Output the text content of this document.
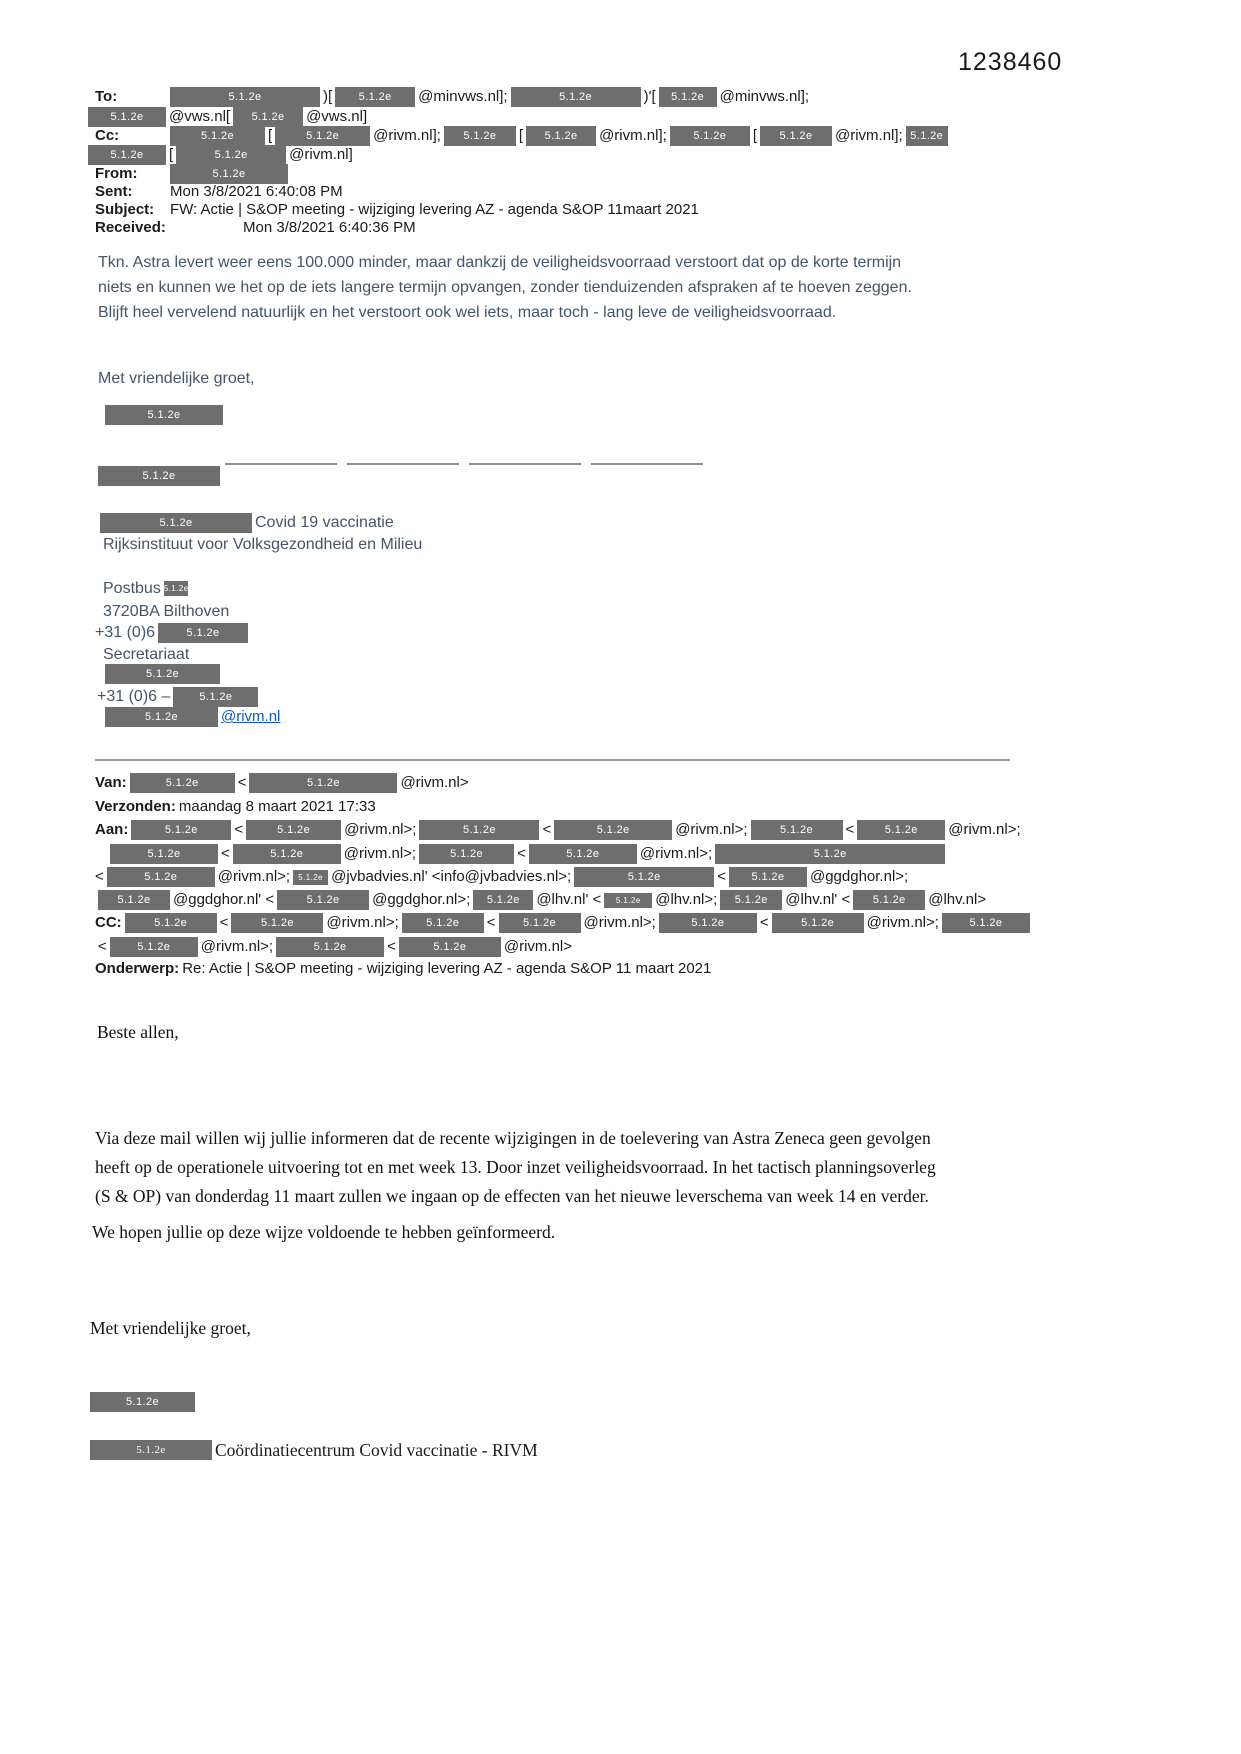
1238460
To:	5.1.2e	)[ 5.1.2e @minvws.nl];	5.1.2e	)'[ 5.1.2e @minvws.nl];
5.1.2e @vws.nl[ 5.1.2e @vws.nl]
Cc:	5.1.2e [	5.1.2e @rivm.nl]; 5.1.2e [ 5.1.2e @rivm.nl]; 5.1.2e [ 5.1.2e @rivm.nl]; 5.1.2e
5.1.2e [	5.1.2e	@rivm.nl]
From:	5.1.2e
Sent:	Mon 3/8/2021 6:40:08 PM
Subject: FW: Actie | S&OP meeting - wijziging levering AZ - agenda S&OP 11maart 2021
Received:	Mon 3/8/2021 6:40:36 PM
Tkn. Astra levert weer eens 100.000 minder, maar dankzij de veiligheidsvoorraad verstoort dat op de korte termijn
niets en kunnen we het op de iets langere termijn opvangen, zonder tienduizenden afspraken af te hoeven zeggen.
Blijft heel vervelend natuurlijk en het verstoort ook wel iets, maar toch - lang leve de veiligheidsvoorraad.
Met vriendelijke groet,
5.1.2e
5.1.2e
5.1.2e	Covid 19 vaccinatie
Rijksinstituut voor Volksgezondheid en Milieu
Postbus 5.1.2e
3720BA Bilthoven
+31 (0)6	5.1.2e
Secretariaat
5.1.2e
+31 (0)6 –	5.1.2e
5.1.2e	@rivm.nl
Van:	5.1.2e	<	5.1.2e	@rivm.nl>
Verzonden: maandag 8 maart 2021 17:33
Aan:	5.1.2e <	5.1.2e @rivm.nl>;	5.1.2e	<	5.1.2e	@rivm.nl>;	5.1.2e <	5.1.2e @rivm.nl>;
5.1.2e	<	5.1.2e	@rivm.nl>;	5.1.2e <	5.1.2e	@rivm.nl>;	5.1.2e
<	5.1.2e	@rivm.nl>; 5.1.2e @jvbadvies.nl' <info@jvbadvies.nl>;	5.1.2e	< 5.1.2e @ggdghor.nl>;
5.1.2e @ggdghor.nl' <	5.1.2e @ggdghor.nl>; 5.1.2e @lhv.nl' < 5.1.2e @lhv.nl>; 5.1.2e @lhv.nl' < 5.1.2e @lhv.nl>
CC:	5.1.2e <	5.1.2e @rivm.nl>;	5.1.2e <	5.1.2e @rivm.nl>;	5.1.2e <	5.1.2e @rivm.nl>;	5.1.2e
<	5.1.2e @rivm.nl>;	5.1.2e	<	5.1.2e	@rivm.nl>
Onderwerp: Re: Actie | S&OP meeting - wijziging levering AZ - agenda S&OP 11 maart 2021
Beste allen,
Via deze mail willen wij jullie informeren dat de recente wijzigingen in de toelevering van Astra Zeneca geen gevolgen
heeft op de operationele uitvoering tot en met week 13. Door inzet veiligheidsvoorraad. In het tactisch planningsoverleg
(S & OP) van donderdag 11 maart zullen we ingaan op de effecten van het nieuwe leverschema van week 14 en verder.
We hopen jullie op deze wijze voldoende te hebben geïnformeerd.
Met vriendelijke groet,
5.1.2e
5.1.2e	Coördinatiecentrum Covid vaccinatie - RIVM
